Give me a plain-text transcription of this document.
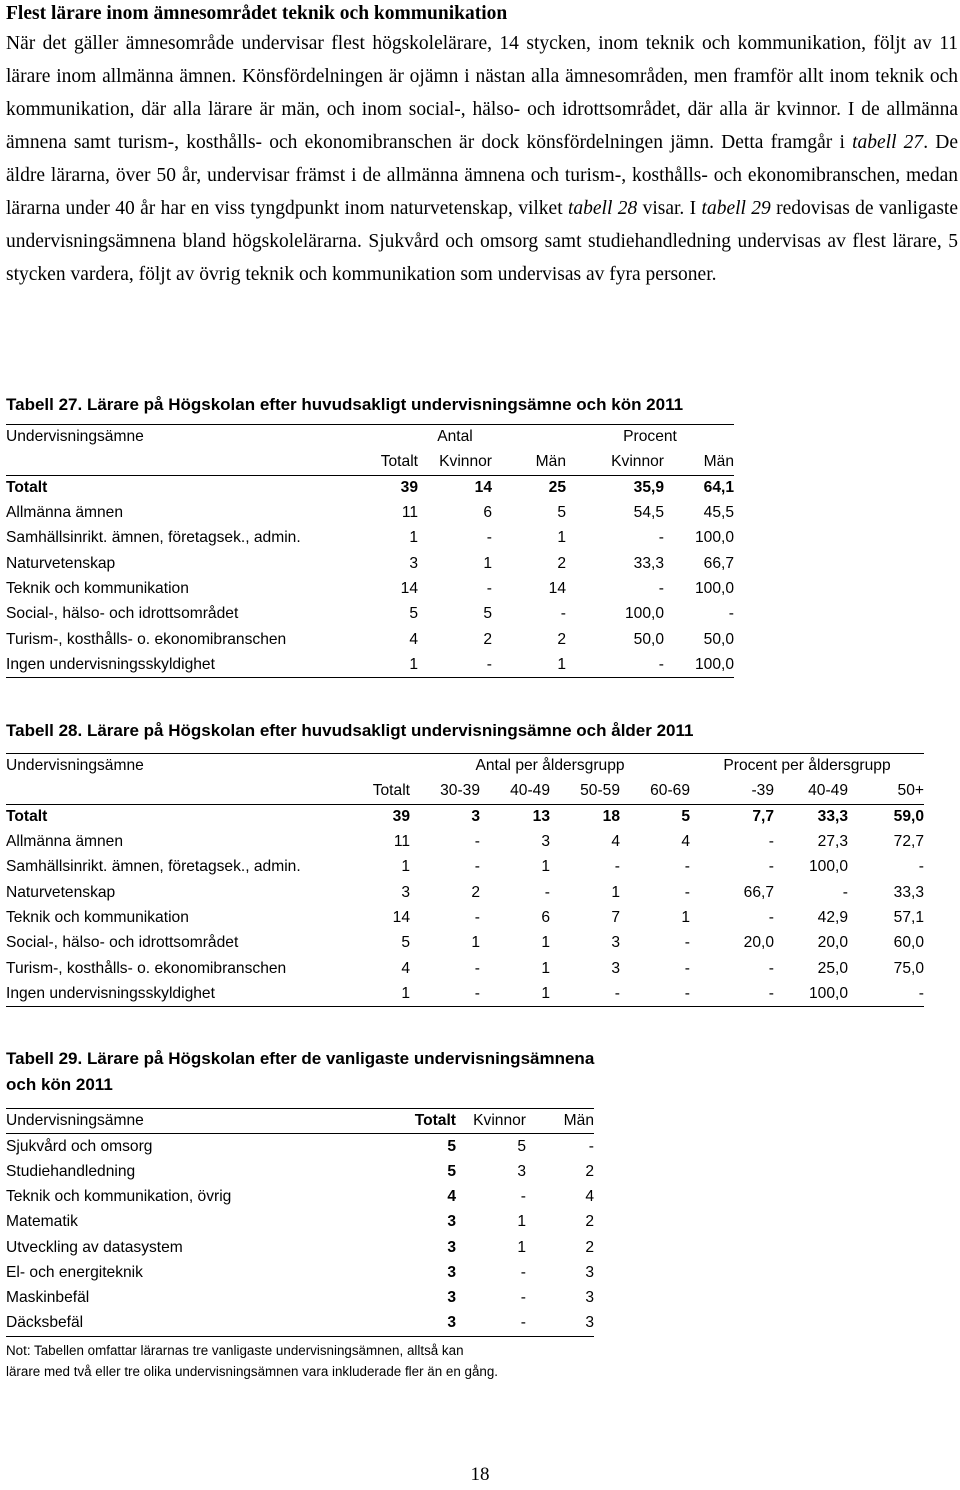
Flest lärare inom ämnesområdet teknik och kommunikation

När det gäller ämnesområde undervisar flest högskolelärare, 14 stycken, inom teknik och kommunikation, följt av 11 lärare inom allmänna ämnen. Könsfördelningen är ojämn i nästan alla ämnesområden, men framför allt inom teknik och kommunikation, där alla lärare är män, och inom social-, hälso- och idrottsområdet, där alla är kvinnor. I de allmänna ämnena samt turism-, kosthålls- och ekonomibranschen är dock könsfördelningen jämn. Detta framgår i tabell 27. De äldre lärarna, över 50 år, undervisar främst i de allmänna ämnena och turism-, kosthålls- och ekonomibranschen, medan lärarna under 40 år har en viss tyngdpunkt inom naturvetenskap, vilket tabell 28 visar. I tabell 29 redovisas de vanligaste undervisningsämnena bland högskolelärarna. Sjukvård och omsorg samt studiehandledning undervisas av flest lärare, 5 stycken vardera, följt av övrig teknik och kommunikation som undervisas av fyra personer.

Tabell 27. Lärare på Högskolan efter huvudsakligt undervisningsämne och kön 2011

Undervisningsämne		Antal		Procent	
	Totalt	Kvinnor	Män	Kvinnor	Män
Totalt	39	14	25	35,9	64,1
Allmänna ämnen	11	6	5	54,5	45,5
Samhällsinrikt. ämnen, företagsek., admin.	1	-	1	-	100,0
Naturvetenskap	3	1	2	33,3	66,7
Teknik och kommunikation	14	-	14	-	100,0
Social-, hälso- och idrottsområdet	5	5	-	100,0	-
Turism-, kosthålls- o. ekonomibranschen	4	2	2	50,0	50,0
Ingen undervisningsskyldighet	1	-	1	-	100,0

Tabell 28. Lärare på Högskolan efter huvudsakligt undervisningsämne och ålder 2011

Undervisningsämne		Antal per åldersgrupp				Procent per åldersgrupp		
	Totalt	30-39	40-49	50-59	60-69	-39	40-49	50+
Totalt	39	3	13	18	5	7,7	33,3	59,0
Allmänna ämnen	11	-	3	4	4	-	27,3	72,7
Samhällsinrikt. ämnen, företagsek., admin.	1	-	1	-	-	-	100,0	-
Naturvetenskap	3	2	-	1	-	66,7	-	33,3
Teknik och kommunikation	14	-	6	7	1	-	42,9	57,1
Social-, hälso- och idrottsområdet	5	1	1	3	-	20,0	20,0	60,0
Turism-, kosthålls- o. ekonomibranschen	4	-	1	3	-	-	25,0	75,0
Ingen undervisningsskyldighet	1	-	1	-	-	-	100,0	-

Tabell 29. Lärare på Högskolan efter de vanligaste undervisningsämnena
och kön 2011

Undervisningsämne	Totalt	Kvinnor	Män
Sjukvård och omsorg	5	5	-
Studiehandledning	5	3	2
Teknik och kommunikation, övrig	4	-	4
Matematik	3	1	2
Utveckling av datasystem	3	1	2
El- och energiteknik	3	-	3
Maskinbefäl	3	-	3
Däcksbefäl	3	-	3

Not: Tabellen omfattar lärarnas tre vanligaste undervisningsämnen, alltså kan
lärare med två eller tre olika undervisningsämnen vara inkluderade fler än en gång.

18
